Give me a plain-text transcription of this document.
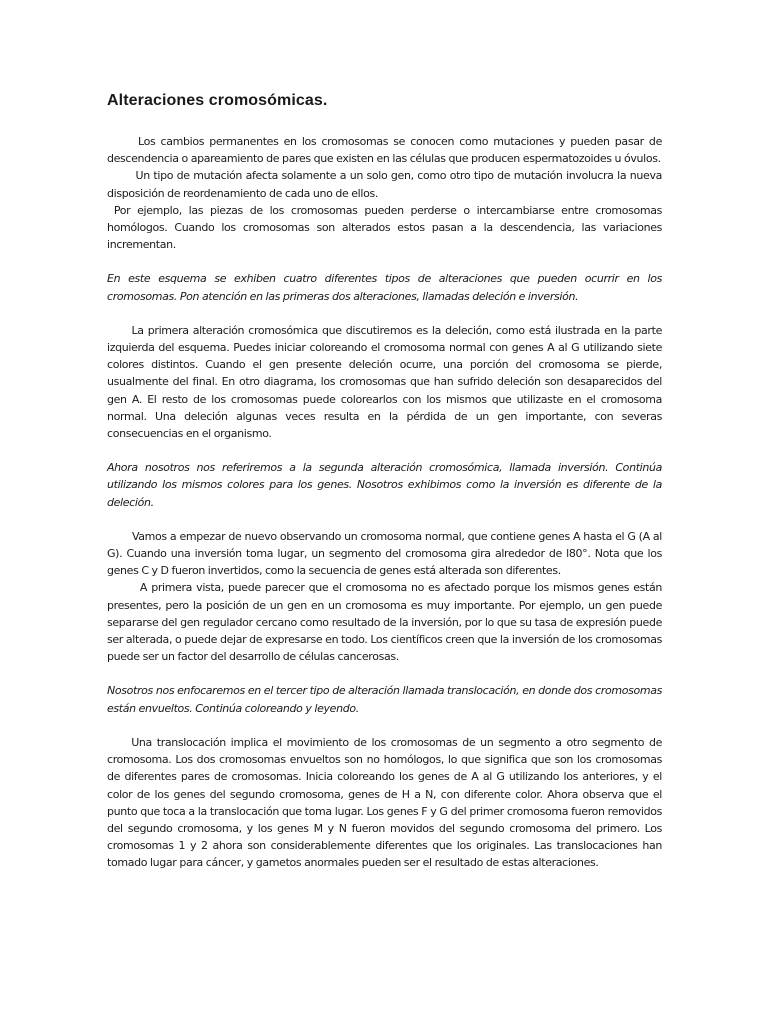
Alteraciones cromosómicas.

Los cambios permanentes en los cromosomas se conocen como mutaciones y pueden pasar de descendencia o apareamiento de pares que existen en las células que producen espermatozoides u óvulos.

Un tipo de mutación afecta solamente a un solo gen, como otro tipo de mutación involucra la nueva disposición de reordenamiento de cada uno de ellos.

Por ejemplo, las piezas de los cromosomas pueden perderse o intercambiarse entre cromosomas homólogos. Cuando los cromosomas son alterados estos pasan a la descendencia, las variaciones incrementan.

En este esquema se exhiben cuatro diferentes tipos de alteraciones que pueden ocurrir en los cromosomas. Pon atención en las primeras dos alteraciones, llamadas deleción e inversión.

La primera alteración cromosómica que discutiremos es la deleción, como está ilustrada en la parte izquierda del esquema. Puedes iniciar coloreando el cromosoma normal con genes A al G utilizando siete colores distintos. Cuando el gen presente deleción ocurre, una porción del cromosoma se pierde, usualmente del final. En otro diagrama, los cromosomas que han sufrido deleción son desaparecidos del gen A. El resto de los cromosomas puede colorearlos con los mismos que utilizaste en el cromosoma normal. Una deleción algunas veces resulta en la pérdida de un gen importante, con severas consecuencias en el organismo.

Ahora nosotros nos referiremos a la segunda alteración cromosómica, llamada inversión. Continúa utilizando los mismos colores para los genes. Nosotros exhibimos como la inversión es diferente de la deleción.

Vamos a empezar de nuevo observando un cromosoma normal, que contiene genes A hasta el G (A al G). Cuando una inversión toma lugar, un segmento del cromosoma gira alrededor de l80°. Nota que los genes C y D fueron invertidos, como la secuencia de genes está alterada son diferentes.

A primera vista, puede parecer que el cromosoma no es afectado porque los mismos genes están presentes, pero la posición de un gen en un cromosoma es muy importante. Por ejemplo, un gen puede separarse del gen regulador cercano como resultado de la inversión, por lo que su tasa de expresión puede ser alterada, o puede dejar de expresarse en todo. Los científicos creen que la inversión de los cromosomas puede ser un factor del desarrollo de células cancerosas.

Nosotros nos enfocaremos en el tercer tipo de alteración llamada translocación, en donde dos cromosomas están envueltos. Continúa coloreando y leyendo.

Una translocación implica el movimiento de los cromosomas de un segmento a otro segmento de cromosoma. Los dos cromosomas envueltos son no homólogos, lo que significa que son los cromosomas de diferentes pares de cromosomas. Inicia coloreando los genes de A al G utilizando los anteriores, y el color de los genes del segundo cromosoma, genes de H a N, con diferente color. Ahora observa que el punto que toca a la translocación que toma lugar. Los genes F y G del primer cromosoma fueron removidos del segundo cromosoma, y los genes M y N fueron movidos del segundo cromosoma del primero. Los cromosomas 1 y 2 ahora son considerablemente diferentes que los originales. Las translocaciones han tomado lugar para cáncer, y gametos anormales pueden ser el resultado de estas alteraciones.
